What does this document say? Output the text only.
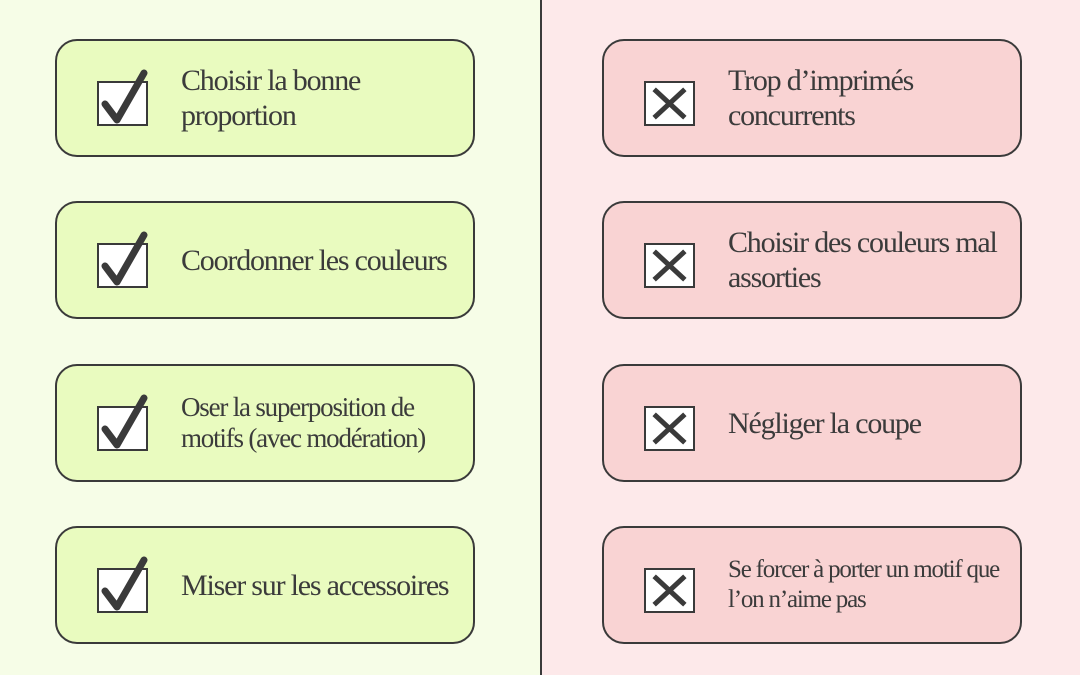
Choisir la bonne proportion
Coordonner les couleurs
Oser la superposition de motifs (avec modération)
Miser sur les accessoires
Trop d’imprimés concurrents
Choisir des couleurs mal assorties
Négliger la coupe
Se forcer à porter un motif que l’on n’aime pas
